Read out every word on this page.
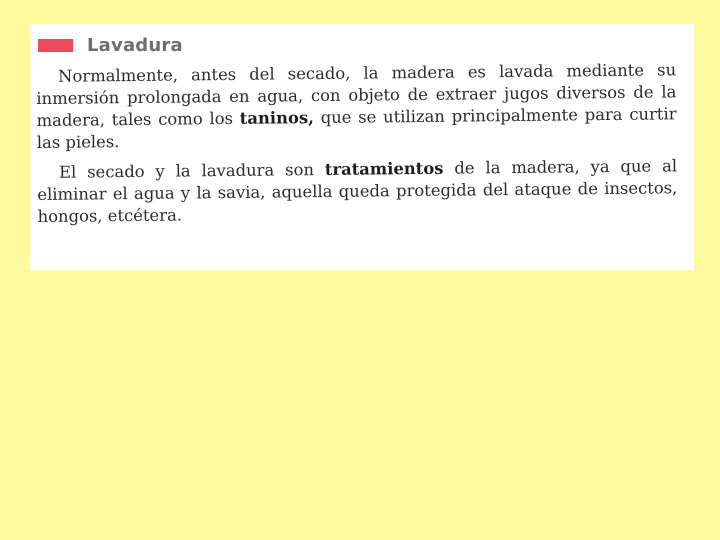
Lavadura

Normalmente, antes del secado, la madera es lavada mediante su inmersión prolongada en agua, con objeto de extraer jugos diversos de la madera, tales como los taninos, que se utilizan principalmente para curtir las pieles.

El secado y la lavadura son tratamientos de la madera, ya que al eliminar el agua y la savia, aquella queda protegida del ataque de insectos, hongos, etcétera.
